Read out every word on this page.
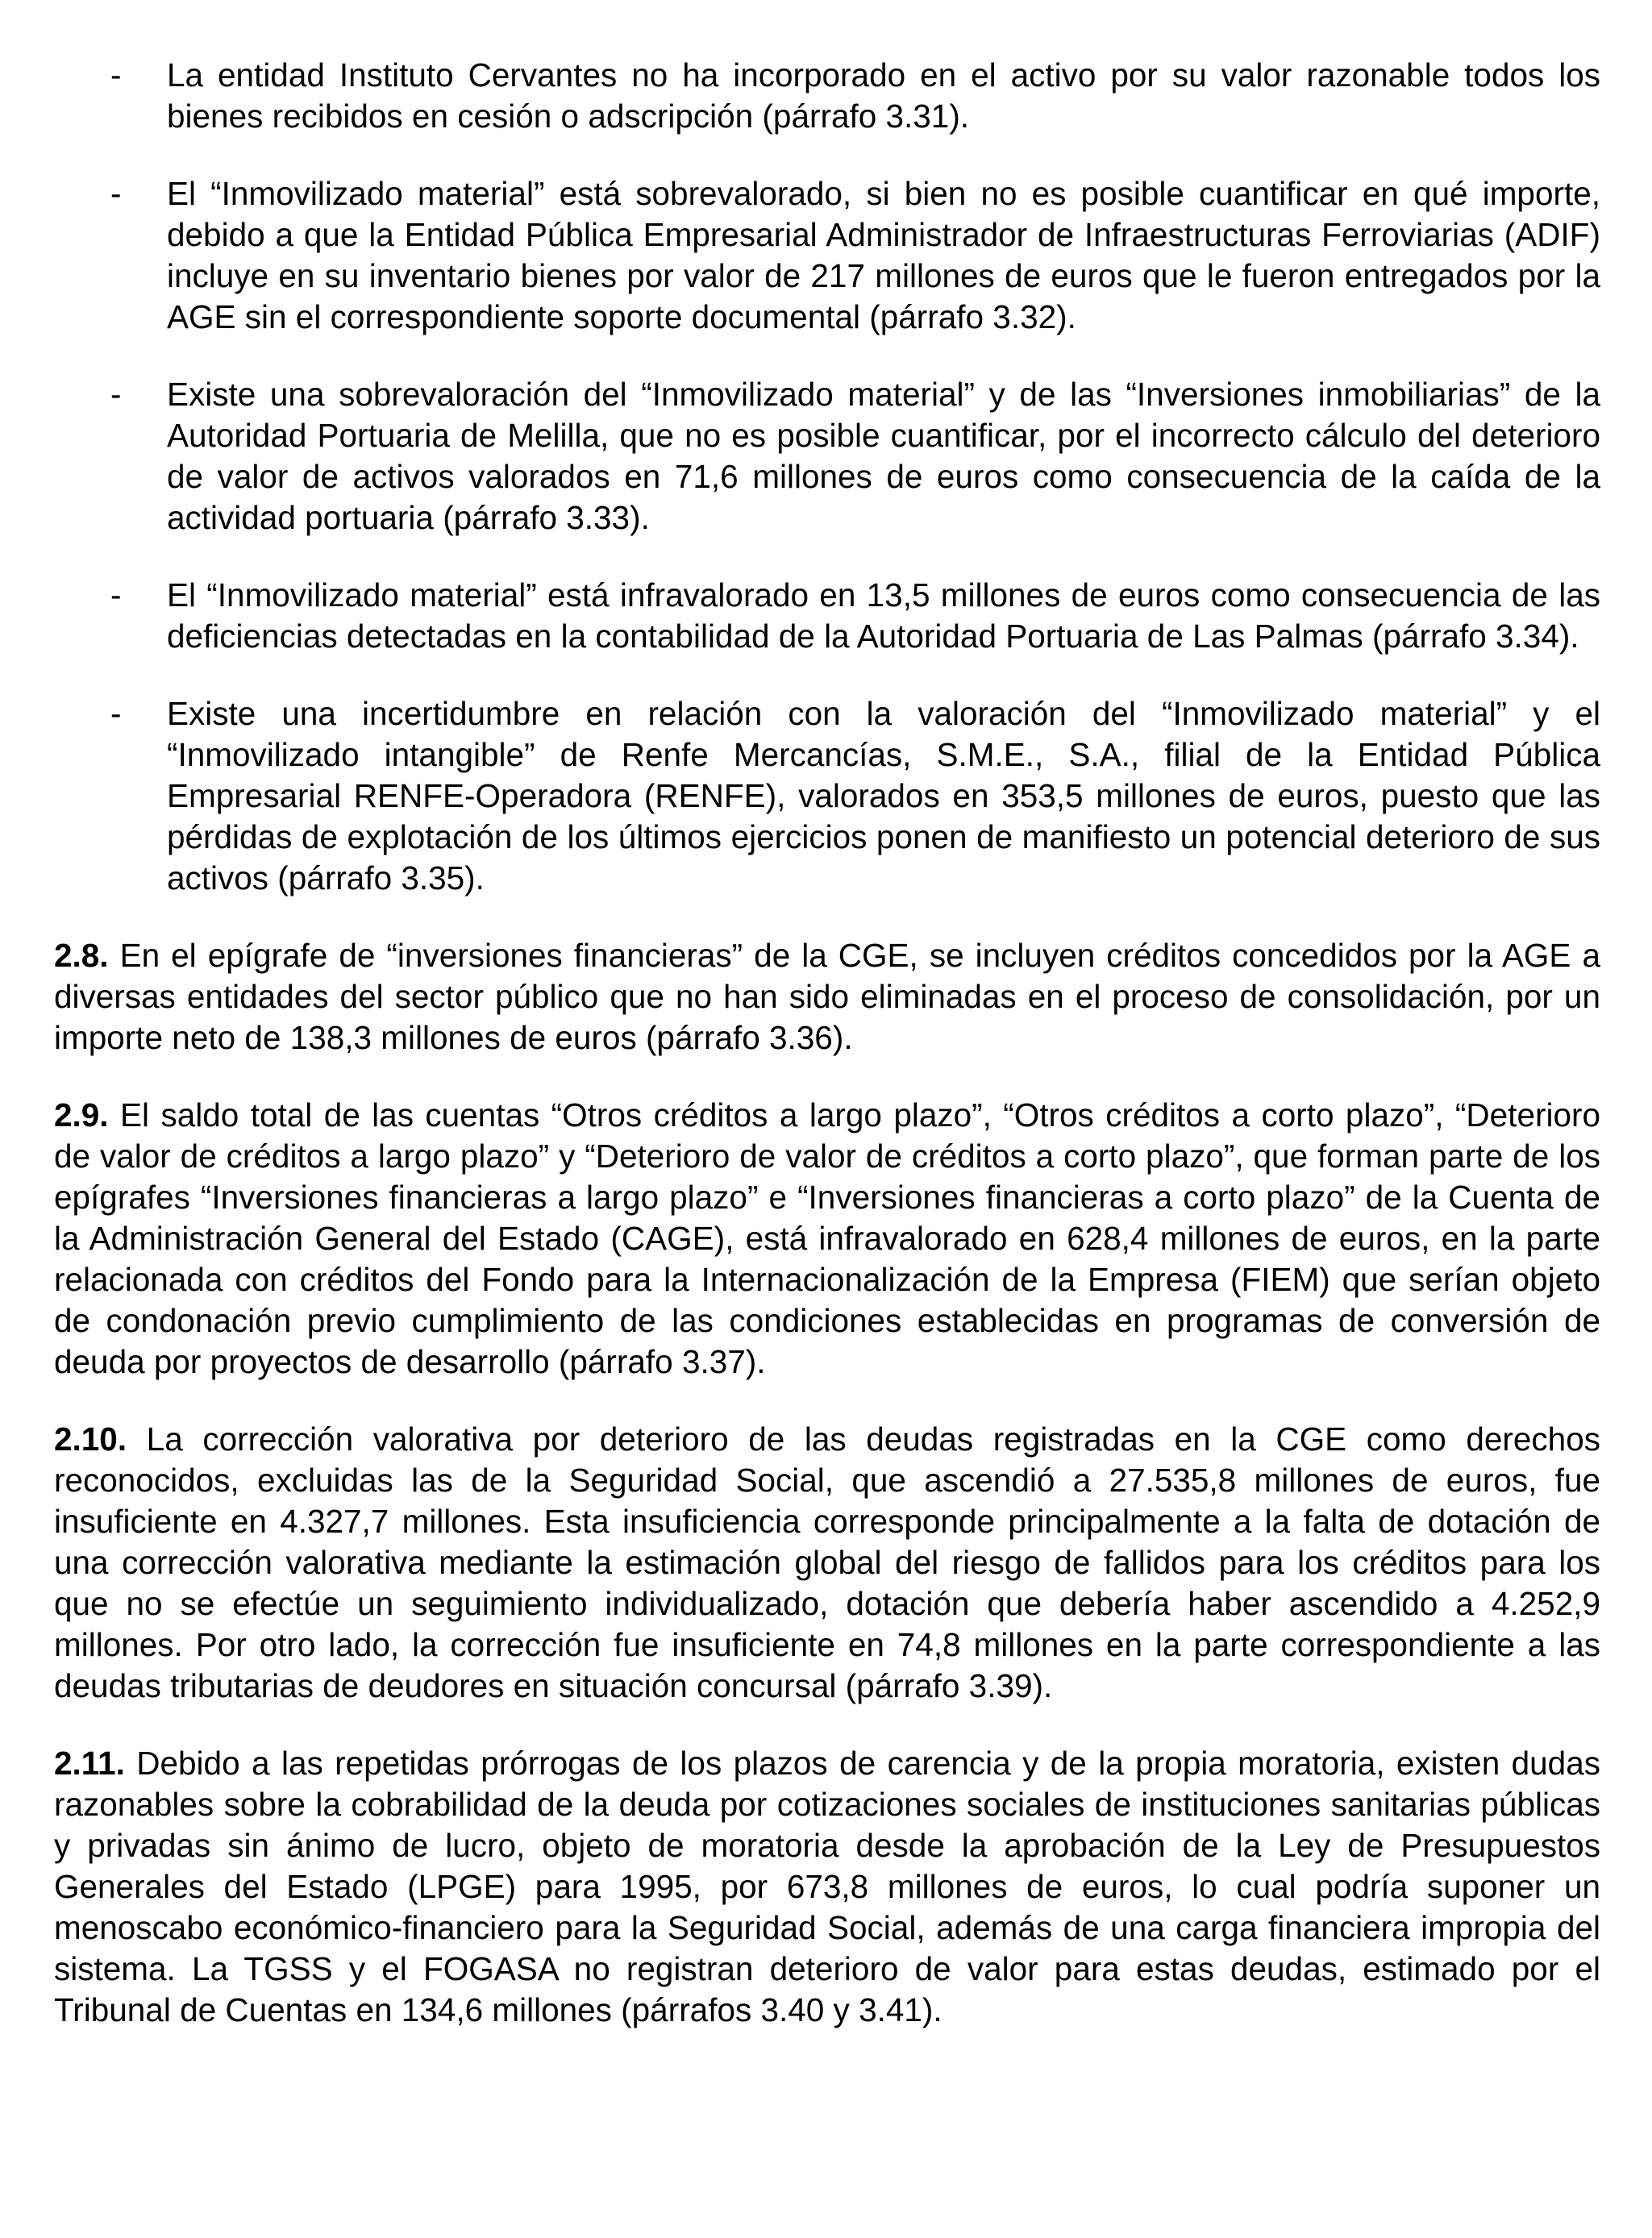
-	La entidad Instituto Cervantes no ha incorporado en el activo por su valor razonable todos los bienes recibidos en cesión o adscripción (párrafo 3.31).
-	El “Inmovilizado material” está sobrevalorado, si bien no es posible cuantificar en qué importe, debido a que la Entidad Pública Empresarial Administrador de Infraestructuras Ferroviarias (ADIF) incluye en su inventario bienes por valor de 217 millones de euros que le fueron entregados por la AGE sin el correspondiente soporte documental (párrafo 3.32).
-	Existe una sobrevaloración del “Inmovilizado material” y de las “Inversiones inmobiliarias” de la Autoridad Portuaria de Melilla, que no es posible cuantificar, por el incorrecto cálculo del deterioro de valor de activos valorados en 71,6 millones de euros como consecuencia de la caída de la actividad portuaria (párrafo 3.33).
-	El “Inmovilizado material” está infravalorado en 13,5 millones de euros como consecuencia de las deficiencias detectadas en la contabilidad de la Autoridad Portuaria de Las Palmas (párrafo 3.34).
-	Existe una incertidumbre en relación con la valoración del “Inmovilizado material” y el “Inmovilizado intangible” de Renfe Mercancías, S.M.E., S.A., filial de la Entidad Pública Empresarial RENFE-Operadora (RENFE), valorados en 353,5 millones de euros, puesto que las pérdidas de explotación de los últimos ejercicios ponen de manifiesto un potencial deterioro de sus activos (párrafo 3.35).

2.8. En el epígrafe de “inversiones financieras” de la CGE, se incluyen créditos concedidos por la AGE a diversas entidades del sector público que no han sido eliminadas en el proceso de consolidación, por un importe neto de 138,3 millones de euros (párrafo 3.36).

2.9. El saldo total de las cuentas “Otros créditos a largo plazo”, “Otros créditos a corto plazo”, “Deterioro de valor de créditos a largo plazo” y “Deterioro de valor de créditos a corto plazo”, que forman parte de los epígrafes “Inversiones financieras a largo plazo” e “Inversiones financieras a corto plazo” de la Cuenta de la Administración General del Estado (CAGE), está infravalorado en 628,4 millones de euros, en la parte relacionada con créditos del Fondo para la Internacionalización de la Empresa (FIEM) que serían objeto de condonación previo cumplimiento de las condiciones establecidas en programas de conversión de deuda por proyectos de desarrollo (párrafo 3.37).

2.10. La corrección valorativa por deterioro de las deudas registradas en la CGE como derechos reconocidos, excluidas las de la Seguridad Social, que ascendió a 27.535,8 millones de euros, fue insuficiente en 4.327,7 millones. Esta insuficiencia corresponde principalmente a la falta de dotación de una corrección valorativa mediante la estimación global del riesgo de fallidos para los créditos para los que no se efectúe un seguimiento individualizado, dotación que debería haber ascendido a 4.252,9 millones. Por otro lado, la corrección fue insuficiente en 74,8 millones en la parte correspondiente a las deudas tributarias de deudores en situación concursal (párrafo 3.39).

2.11. Debido a las repetidas prórrogas de los plazos de carencia y de la propia moratoria, existen dudas razonables sobre la cobrabilidad de la deuda por cotizaciones sociales de instituciones sanitarias públicas y privadas sin ánimo de lucro, objeto de moratoria desde la aprobación de la Ley de Presupuestos Generales del Estado (LPGE) para 1995, por 673,8 millones de euros, lo cual podría suponer un menoscabo económico-financiero para la Seguridad Social, además de una carga financiera impropia del sistema. La TGSS y el FOGASA no registran deterioro de valor para estas deudas, estimado por el Tribunal de Cuentas en 134,6 millones (párrafos 3.40 y 3.41).
